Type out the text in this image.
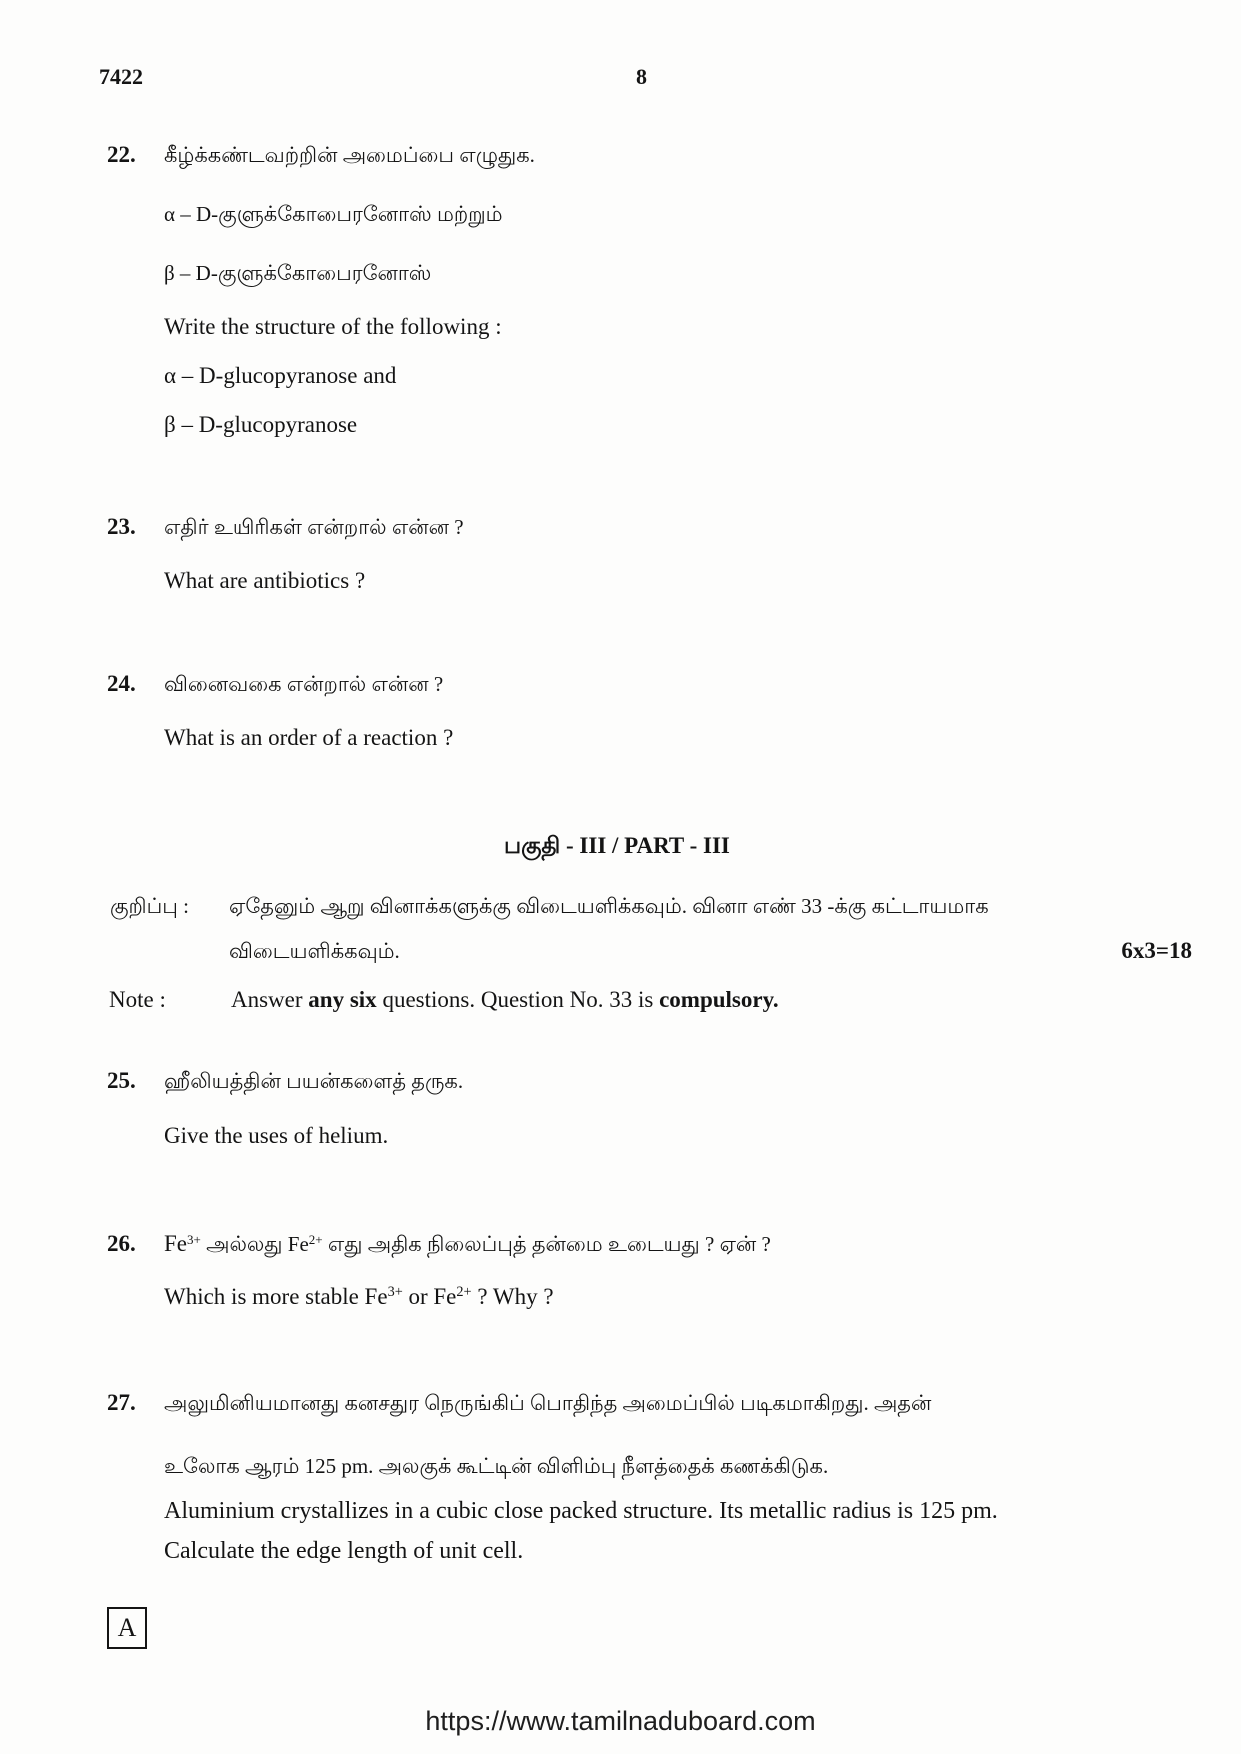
7422	8
22. கீழ்க்கண்டவற்றின் அமைப்பை எழுதுக.
α – D-குளுக்கோபைரனோஸ் மற்றும்
β – D-குளுக்கோபைரனோஸ்
Write the structure of the following :
α – D-glucopyranose and
β – D-glucopyranose
23. எதிர் உயிரிகள் என்றால் என்ன ?
What are antibiotics ?
24. வினைவகை என்றால் என்ன ?
What is an order of a reaction ?
பகுதி - III / PART - III
குறிப்பு : ஏதேனும் ஆறு வினாக்களுக்கு விடையளிக்கவும். வினா எண் 33 -க்கு கட்டாயமாக
விடையளிக்கவும்.	6x3=18
Note :	Answer any six questions. Question No. 33 is compulsory.
25. ஹீலியத்தின் பயன்களைத் தருக.
Give the uses of helium.
26. $Fe^{3+}$ அல்லது $Fe^{2+}$ எது அதிக நிலைப்புத் தன்மை உடையது ? ஏன் ?
Which is more stable $Fe^{3+}$ or $Fe^{2+}$ ? Why ?
27. அலுமினியமானது கனசதுர நெருங்கிப் பொதிந்த அமைப்பில் படிகமாகிறது. அதன்
உலோக ஆரம் 125 pm. அலகுக் கூட்டின் விளிம்பு நீளத்தைக் கணக்கிடுக.
Aluminium crystallizes in a cubic close packed structure. Its metallic radius is 125 pm.
Calculate the edge length of unit cell.
A
https://www.tamilnaduboard.com
